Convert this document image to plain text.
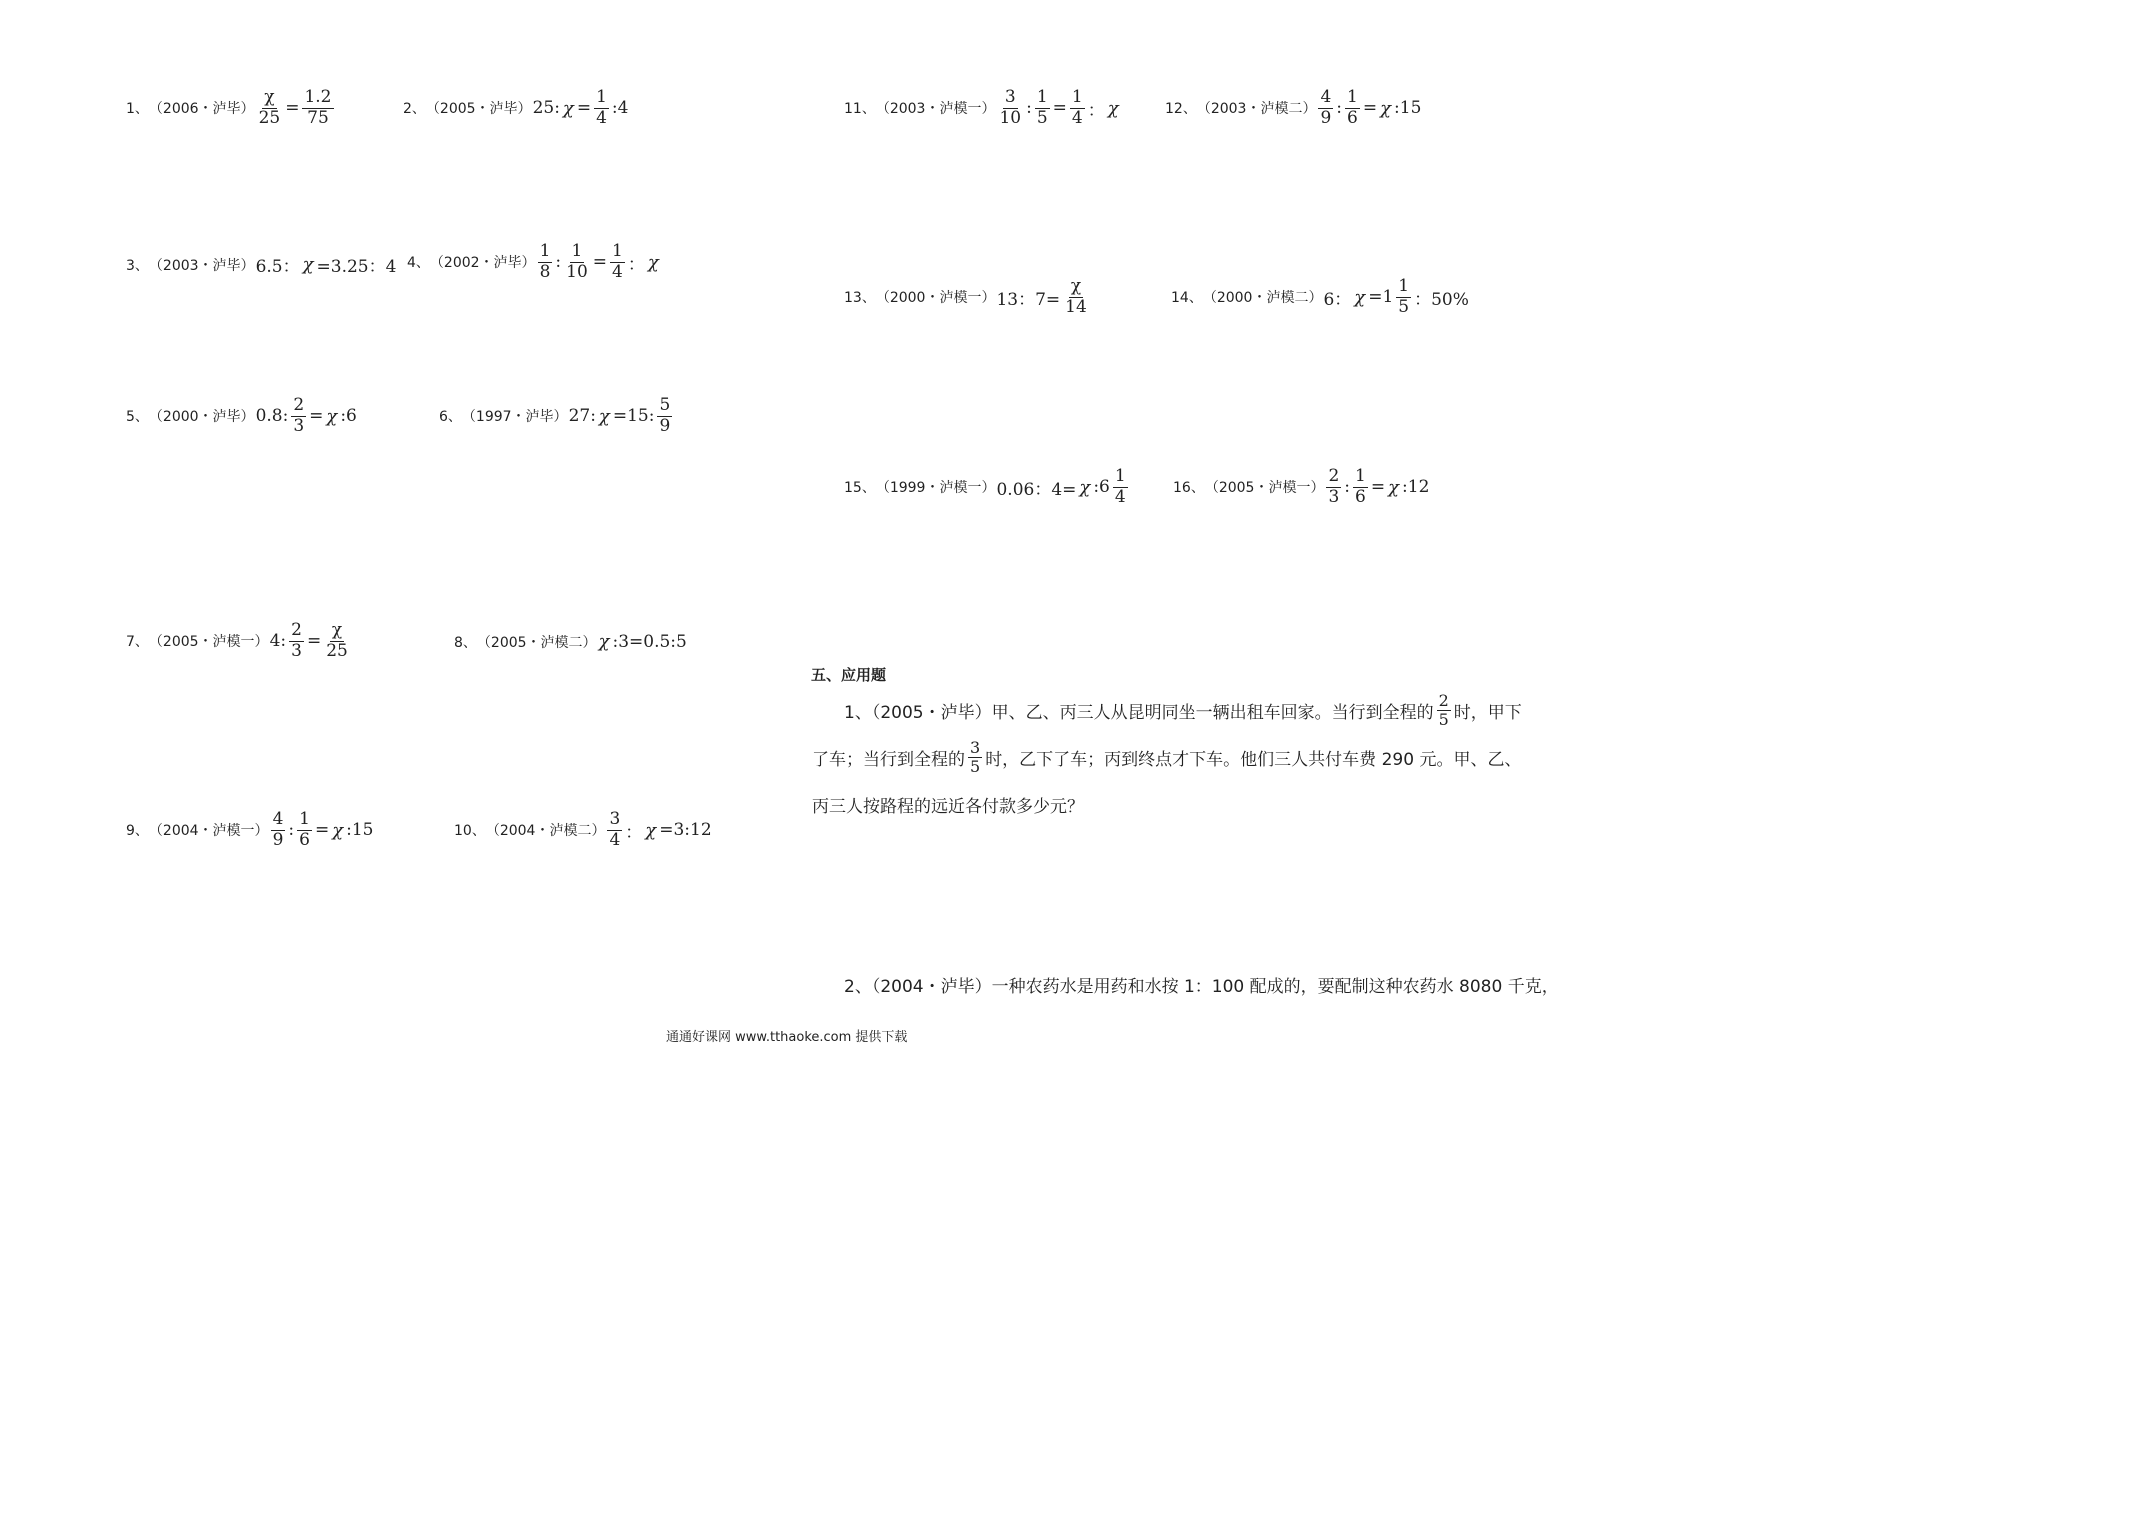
1、 （2006・泸毕） $\frac{\chi}{25} = \frac{1.2}{75}$	2、 （2005・泸毕） 25: $\chi = \frac{1}{4}$ :4
3、 （2003・泸毕） 6.5： χ =3.25：4 4、 （2002・泸毕） $\frac{1}{8}$ : $\frac{1}{10} = \frac{1}{4}$ ： χ
5、 （2000・泸毕） 0.8: $\frac{2}{3} = \chi$ :6	6、 （1997・泸毕） 27: χ =15: $\frac{5}{9}$
7、 （2005・泸模一） 4: $\frac{2}{3} = \frac{\chi}{25}$	8、 （2005・泸模二） χ :3=0.5:5
9、 （2004・泸模一） $\frac{4}{9}$ : $\frac{1}{6} = \chi$ :15	10、 （2004・泸模二） $\frac{3}{4}$ ： χ =3:12
11、 （2003・泸模一） $\frac{3}{10}$ : $\frac{1}{5} = \frac{1}{4}$ ： χ	12、 （2003・泸模二） $\frac{4}{9}$ : $\frac{1}{6} = \chi$ :15
13、 （2000・泸模一） 13：$7= \frac{\chi}{14}$	14、 （2000・泸模二） 6： $\chi =1 \frac{1}{5}$ ：50%
15、 （1999・泸模一） 0.06：4= χ :6 $\frac{1}{4}$	16、 （2005・泸模一） $\frac{2}{3}$ : $\frac{1}{6} = \chi$ :12
五、应用题
1、（2005・泸毕）甲、乙、丙三人从昆明同坐一辆出租车回家。当行到全程的 $\frac{2}{5}$ 时，甲下
了车；当行到全程的 $\frac{3}{5}$ 时，乙下了车；丙到终点才下车。他们三人共付车费 290 元。甲、乙、
丙三人按路程的远近各付款多少元？
2、（2004・泸毕）一种农药水是用药和水按 1：100 配成的，要配制这种农药水 8080 千克，
通通好课网 www.tthaoke.com 提供下载
